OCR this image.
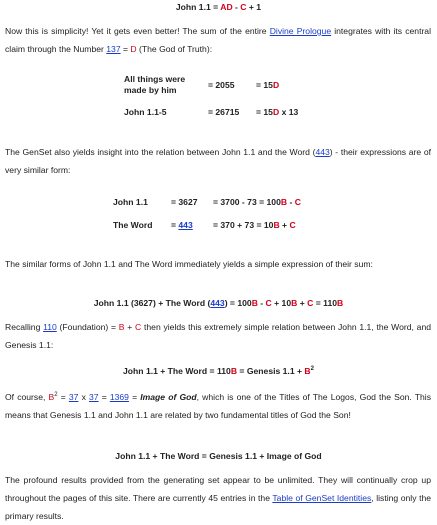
John 1.1 = AD - C + 1
Now this is simplicity! Yet it gets even better! The sum of the entire Divine Prologue integrates with its central claim through the Number 137 = D (The God of Truth):
All things were made by him	= 2055	= 15D
John 1.1-5	= 26715	= 15D x 13
The GenSet also yields insight into the relation between John 1.1 and the Word (443) - their expressions are of very similar form:
John 1.1	= 3627	= 3700 - 73 = 100B - C
The Word	= 443	= 370 + 73 = 10B + C
The similar forms of John 1.1 and The Word immediately yields a simple expression of their sum:
John 1.1 (3627) + The Word (443) = 100B - C + 10B + C = 110B
Recalling 110 (Foundation) = B + C then yields this extremely simple relation between John 1.1, the Word, and Genesis 1.1:
John 1.1 + The Word = 110B = Genesis $1.1 + B^2$
Of course, $B^2 = 37$ x 37 = 1369 = Image of God, which is one of the Titles of The Logos, God the Son. This means that Genesis 1.1 and John 1.1 are related by two fundamental titles of God the Son!
John 1.1 + The Word = Genesis 1.1 + Image of God
The profound results provided from the generating set appear to be unlimited. They will continually crop up throughout the pages of this site. There are currently 45 entries in the Table of GenSet Identities, listing only the primary results.
